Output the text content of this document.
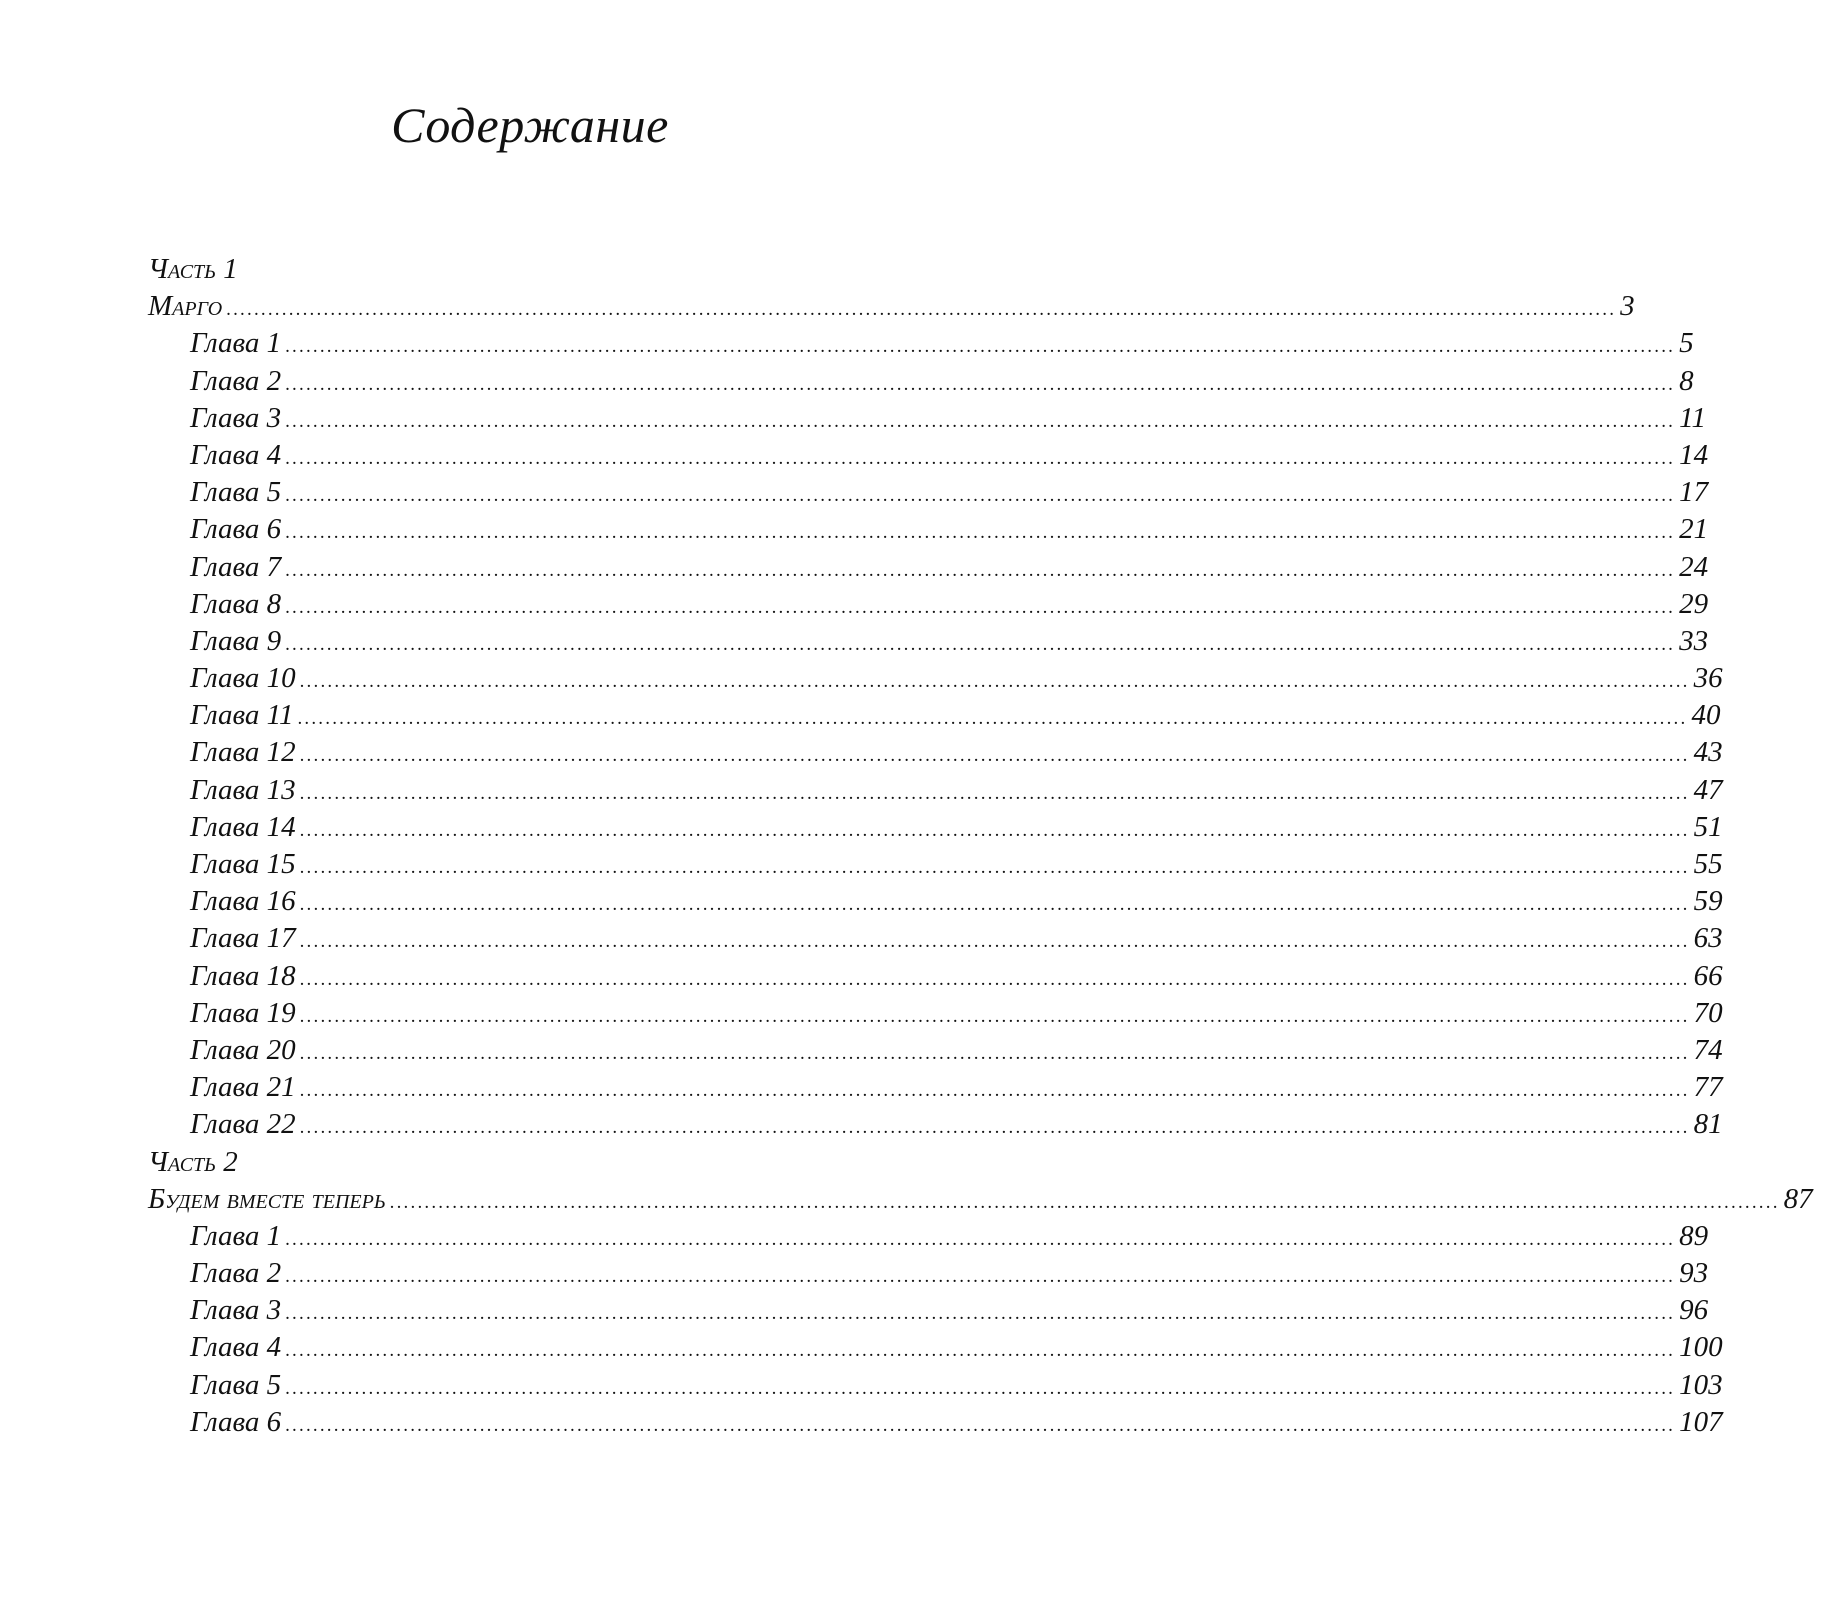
Содержание
Часть 1
Марго ........................................................................................................................................................................................................ 3
Глава 1 ........................................................................................................................................................................................................ 5
Глава 2 ........................................................................................................................................................................................................ 8
Глава 3 ........................................................................................................................................................................................................ 11
Глава 4 ........................................................................................................................................................................................................ 14
Глава 5 ........................................................................................................................................................................................................ 17
Глава 6 ........................................................................................................................................................................................................ 21
Глава 7 ........................................................................................................................................................................................................ 24
Глава 8 ........................................................................................................................................................................................................ 29
Глава 9 ........................................................................................................................................................................................................ 33
Глава 10 ........................................................................................................................................................................................................ 36
Глава 11 ........................................................................................................................................................................................................ 40
Глава 12 ........................................................................................................................................................................................................ 43
Глава 13 ........................................................................................................................................................................................................ 47
Глава 14 ........................................................................................................................................................................................................ 51
Глава 15 ........................................................................................................................................................................................................ 55
Глава 16 ........................................................................................................................................................................................................ 59
Глава 17 ........................................................................................................................................................................................................ 63
Глава 18 ........................................................................................................................................................................................................ 66
Глава 19 ........................................................................................................................................................................................................ 70
Глава 20 ........................................................................................................................................................................................................ 74
Глава 21 ........................................................................................................................................................................................................ 77
Глава 22 ........................................................................................................................................................................................................ 81
Часть 2
Будем вместе теперь ........................................................................................................................................................................................................ 87
Глава 1 ........................................................................................................................................................................................................ 89
Глава 2 ........................................................................................................................................................................................................ 93
Глава 3 ........................................................................................................................................................................................................ 96
Глава 4 ........................................................................................................................................................................................................ 100
Глава 5 ........................................................................................................................................................................................................ 103
Глава 6 ........................................................................................................................................................................................................ 107
